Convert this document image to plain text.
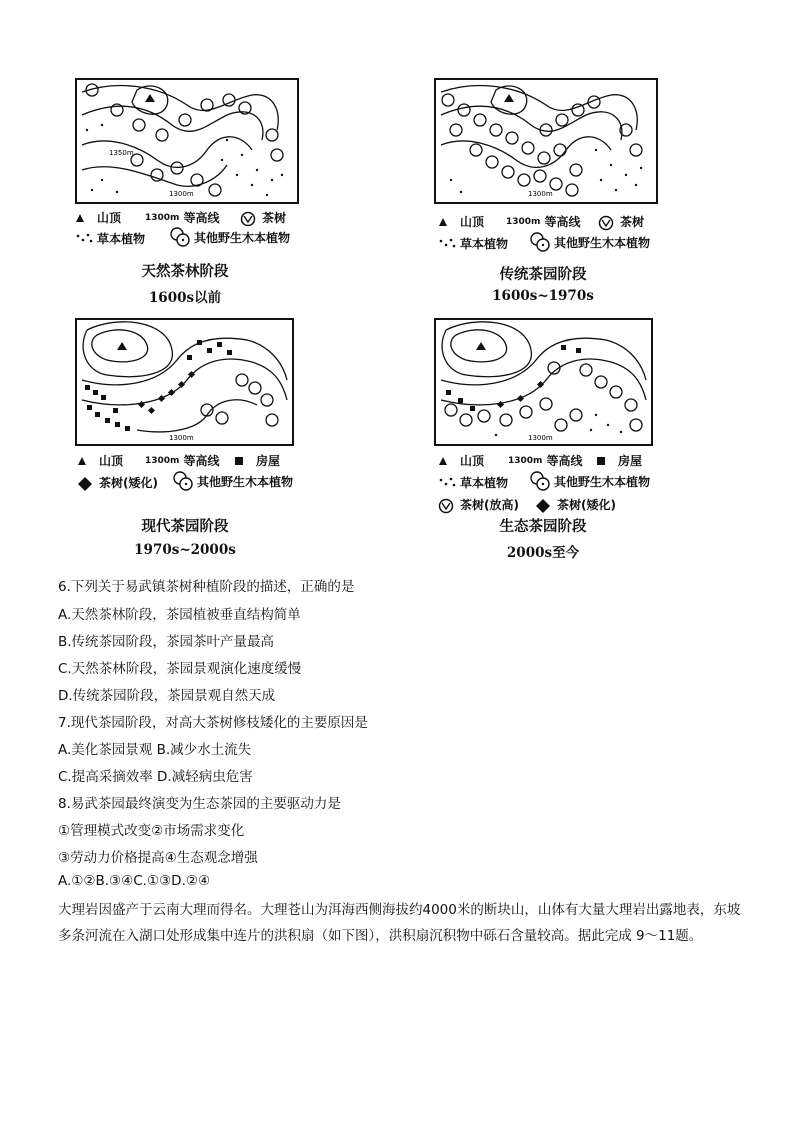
1350m
1300m
山顶	1300m 等高线	茶树
草本植物	其他野生木本植物
天然茶林阶段
1600s以前
1300m
山顶 1300m 等高线	茶树
草本植物	其他野生木本植物
传统茶园阶段
1600s~1970s
1300m
山顶 1300m 等高线	房屋
茶树(矮化)	其他野生木本植物
现代茶园阶段
1970s~2000s
1300m
山顶	1300m 等高线	房屋
草本植物	其他野生木本植物
茶树(放高)	茶树(矮化)
生态茶园阶段
2000s至今
6.下列关于易武镇茶树种植阶段的描述，正确的是
A.天然茶林阶段，茶园植被垂直结构简单
B.传统茶园阶段，茶园茶叶产量最高
C.天然茶林阶段，茶园景观演化速度缓慢
D.传统茶园阶段，茶园景观自然天成
7.现代茶园阶段，对高大茶树修枝矮化的主要原因是
A.美化茶园景观 B.减少水土流失
C.提高采摘效率 D.减轻病虫危害
8.易武茶园最终演变为生态茶园的主要驱动力是
①管理模式改变②市场需求变化
③劳动力价格提高④生态观念增强
A.①②B.③④C.①③D.②④
大理岩因盛产于云南大理而得名。大理苍山为洱海西侧海拔约4000米的断块山，山体有大量大理岩出露地表，东坡多条河流在入湖口处形成集中连片的洪积扇（如下图），洪积扇沉积物中砾石含量较高。据此完成 9～11题。
